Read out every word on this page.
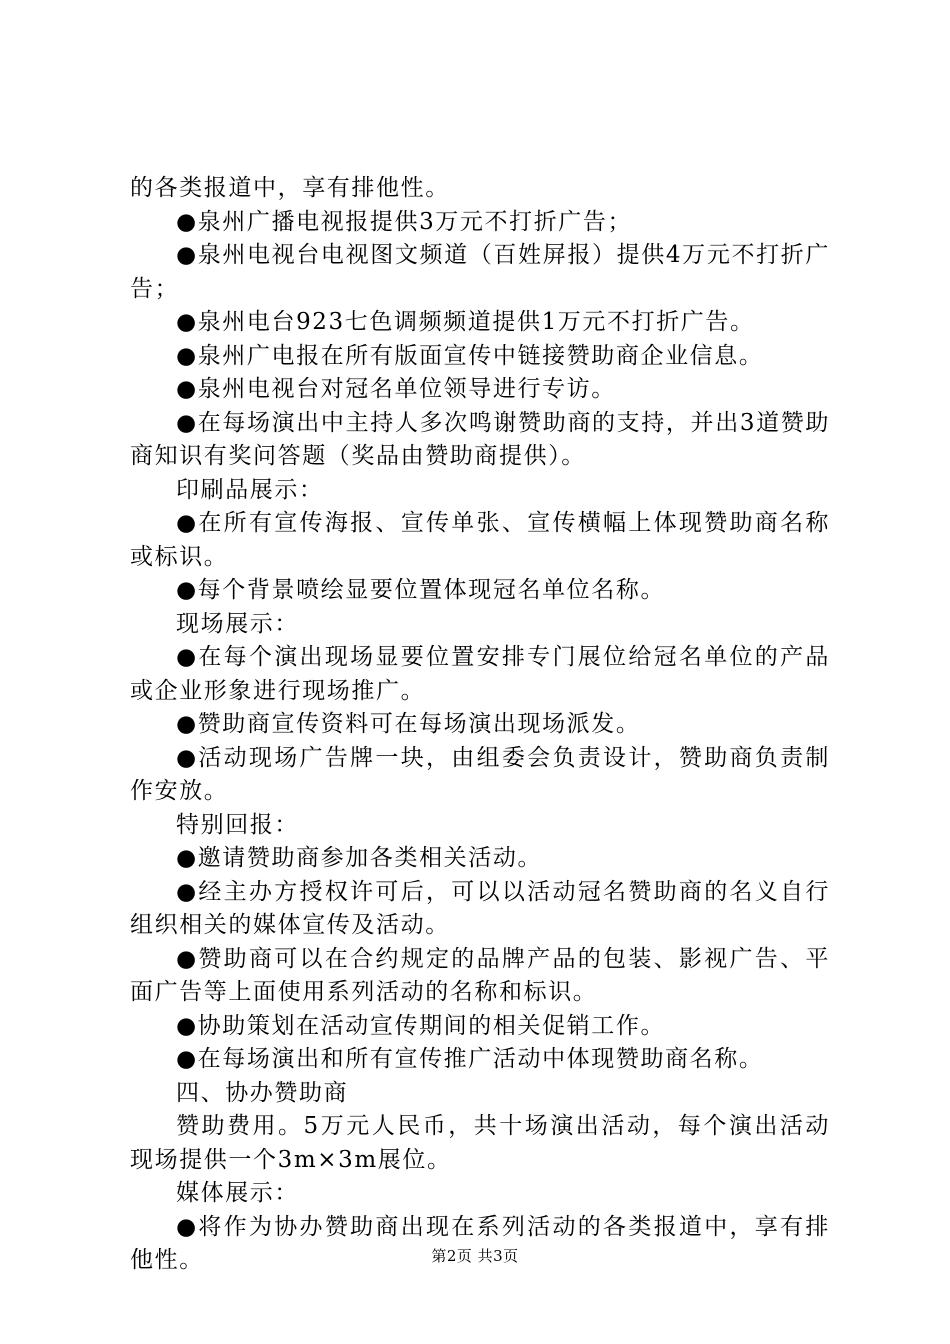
的各类报道中，享有排他性。

●泉州广播电视报提供3万元不打折广告；

●泉州电视台电视图文频道（百姓屏报）提供4万元不打折广告；

●泉州电台923七色调频频道提供1万元不打折广告。

●泉州广电报在所有版面宣传中链接赞助商企业信息。

●泉州电视台对冠名单位领导进行专访。

●在每场演出中主持人多次鸣谢赞助商的支持，并出3道赞助商知识有奖问答题（奖品由赞助商提供）。

印刷品展示：

●在所有宣传海报、宣传单张、宣传横幅上体现赞助商名称或标识。

●每个背景喷绘显要位置体现冠名单位名称。

现场展示：

●在每个演出现场显要位置安排专门展位给冠名单位的产品或企业形象进行现场推广。

●赞助商宣传资料可在每场演出现场派发。

●活动现场广告牌一块，由组委会负责设计，赞助商负责制作安放。

特别回报：

●邀请赞助商参加各类相关活动。

●经主办方授权许可后，可以以活动冠名赞助商的名义自行组织相关的媒体宣传及活动。

●赞助商可以在合约规定的品牌产品的包装、影视广告、平面广告等上面使用系列活动的名称和标识。

●协助策划在活动宣传期间的相关促销工作。

●在每场演出和所有宣传推广活动中体现赞助商名称。

四、协办赞助商

赞助费用。5万元人民币，共十场演出活动，每个演出活动现场提供一个3m×3m展位。

媒体展示：

●将作为协办赞助商出现在系列活动的各类报道中，享有排他性。	第2页 共3页
